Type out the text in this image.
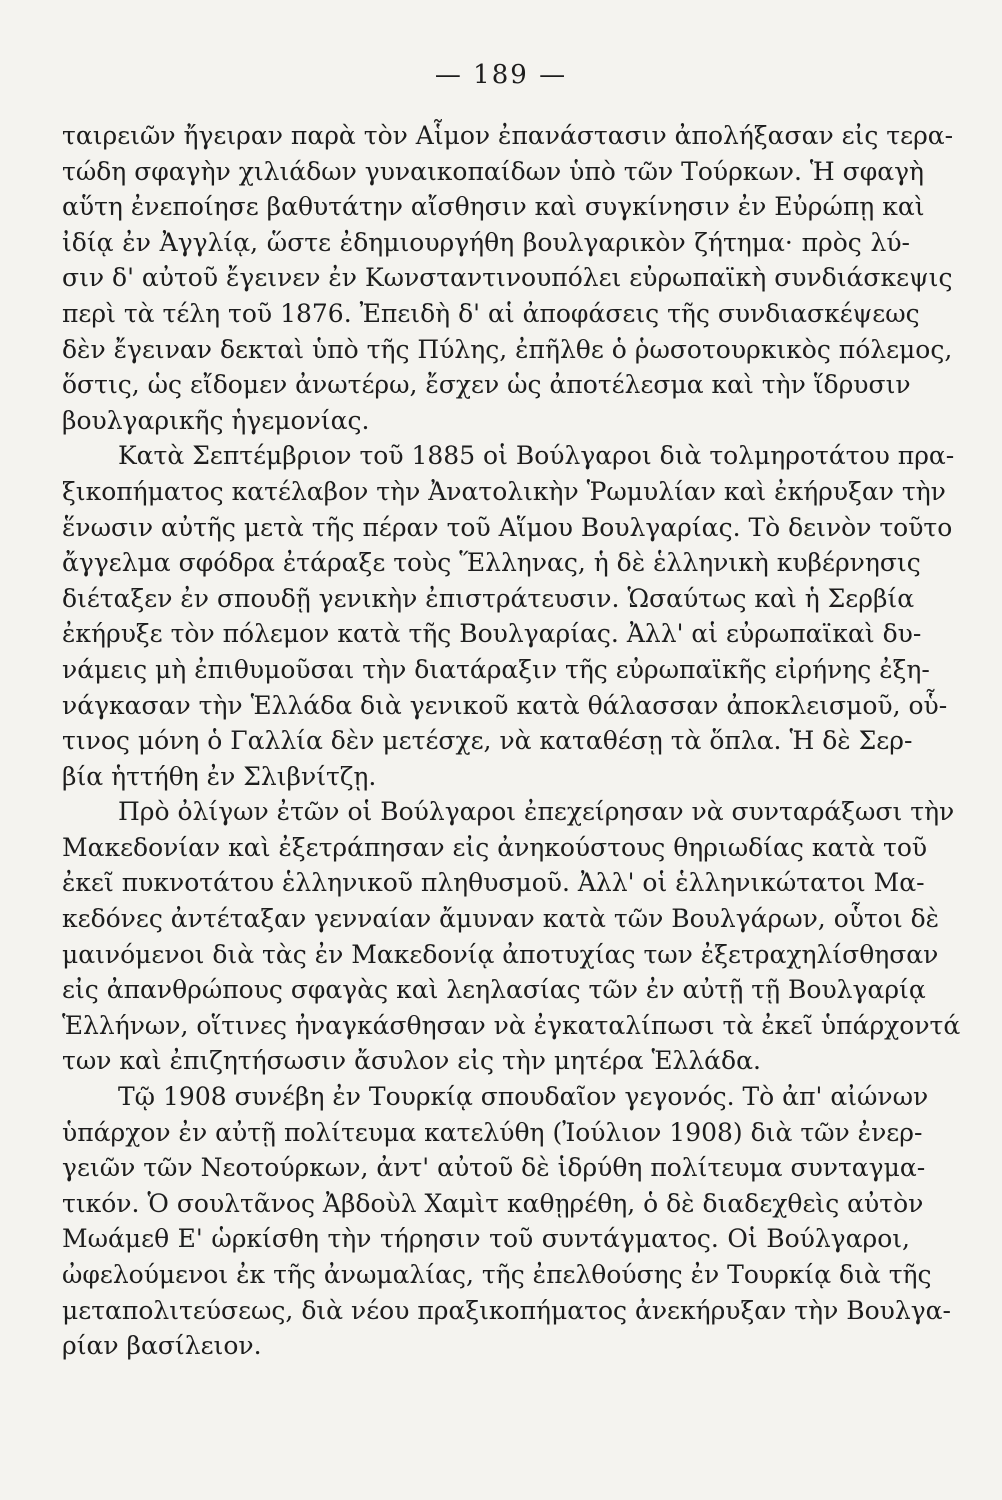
— 189 —
ταιρειῶν ἤγειραν παρὰ τὸν Αἷμον ἐπανάστασιν ἀπολήξασαν εἰς τερα-
τώδη σφαγὴν χιλιάδων γυναικοπαίδων ὑπὸ τῶν Τούρκων. Ἡ σφαγὴ
αὕτη ἐνεποίησε βαθυτάτην αἴσθησιν καὶ συγκίνησιν ἐν Εὐρώπῃ καὶ
ἰδίᾳ ἐν Ἀγγλίᾳ, ὥστε ἐδημιουργήθη βουλγαρικὸν ζήτημα· πρὸς λύ-
σιν δ' αὐτοῦ ἔγεινεν ἐν Κωνσταντινουπόλει εὐρωπαϊκὴ συνδιάσκεψις
περὶ τὰ τέλη τοῦ 1876. Ἐπειδὴ δ' αἱ ἀποφάσεις τῆς συνδιασκέψεως
δὲν ἔγειναν δεκταὶ ὑπὸ τῆς Πύλης, ἐπῆλθε ὁ ῥωσοτουρκικὸς πόλεμος,
ὅστις, ὡς εἴδομεν ἀνωτέρω, ἔσχεν ὡς ἀποτέλεσμα καὶ τὴν ἵδρυσιν
βουλγαρικῆς ἡγεμονίας.
Κατὰ Σεπτέμβριον τοῦ 1885 οἱ Βούλγαροι διὰ τολμηροτάτου πρα-
ξικοπήματος κατέλαβον τὴν Ἀνατολικὴν Ῥωμυλίαν καὶ ἐκήρυξαν τὴν
ἕνωσιν αὐτῆς μετὰ τῆς πέραν τοῦ Αἵμου Βουλγαρίας. Τὸ δεινὸν τοῦτο
ἄγγελμα σφόδρα ἐτάραξε τοὺς Ἕλληνας, ἡ δὲ ἑλληνικὴ κυβέρνησις
διέταξεν ἐν σπουδῇ γενικὴν ἐπιστράτευσιν. Ὡσαύτως καὶ ἡ Σερβία
ἐκήρυξε τὸν πόλεμον κατὰ τῆς Βουλγαρίας. Ἀλλ' αἱ εὐρωπαϊκαὶ δυ-
νάμεις μὴ ἐπιθυμοῦσαι τὴν διατάραξιν τῆς εὐρωπαϊκῆς εἰρήνης ἐξη-
νάγκασαν τὴν Ἑλλάδα διὰ γενικοῦ κατὰ θάλασσαν ἀποκλεισμοῦ, οὗ-
τινος μόνη ὁ Γαλλία δὲν μετέσχε, νὰ καταθέσῃ τὰ ὅπλα. Ἡ δὲ Σερ-
βία ἡττήθη ἐν Σλιβνίτζῃ.
Πρὸ ὀλίγων ἐτῶν οἱ Βούλγαροι ἐπεχείρησαν νὰ συνταράξωσι τὴν
Μακεδονίαν καὶ ἐξετράπησαν εἰς ἀνηκούστους θηριωδίας κατὰ τοῦ
ἐκεῖ πυκνοτάτου ἑλληνικοῦ πληθυσμοῦ. Ἀλλ' οἱ ἑλληνικώτατοι Μα-
κεδόνες ἀντέταξαν γενναίαν ἄμυναν κατὰ τῶν Βουλγάρων, οὗτοι δὲ
μαινόμενοι διὰ τὰς ἐν Μακεδονίᾳ ἀποτυχίας των ἐξετραχηλίσθησαν
εἰς ἀπανθρώπους σφαγὰς καὶ λεηλασίας τῶν ἐν αὐτῇ τῇ Βουλγαρίᾳ
Ἑλλήνων, οἵτινες ἠναγκάσθησαν νὰ ἐγκαταλίπωσι τὰ ἐκεῖ ὑπάρχοντά
των καὶ ἐπιζητήσωσιν ἄσυλον εἰς τὴν μητέρα Ἑλλάδα.
Τῷ 1908 συνέβη ἐν Τουρκίᾳ σπουδαῖον γεγονός. Τὸ ἀπ' αἰώνων
ὑπάρχον ἐν αὐτῇ πολίτευμα κατελύθη (Ἰούλιον 1908) διὰ τῶν ἐνερ-
γειῶν τῶν Νεοτούρκων, ἀντ' αὐτοῦ δὲ ἱδρύθη πολίτευμα συνταγμα-
τικόν. Ὁ σουλτᾶνος Ἀβδοὺλ Χαμὶτ καθῃρέθη, ὁ δὲ διαδεχθεὶς αὐτὸν
Μωάμεθ Ε' ὡρκίσθη τὴν τήρησιν τοῦ συντάγματος. Οἱ Βούλγαροι,
ὠφελούμενοι ἐκ τῆς ἀνωμαλίας, τῆς ἐπελθούσης ἐν Τουρκίᾳ διὰ τῆς
μεταπολιτεύσεως, διὰ νέου πραξικοπήματος ἀνεκήρυξαν τὴν Βουλγα-
ρίαν βασίλειον.
